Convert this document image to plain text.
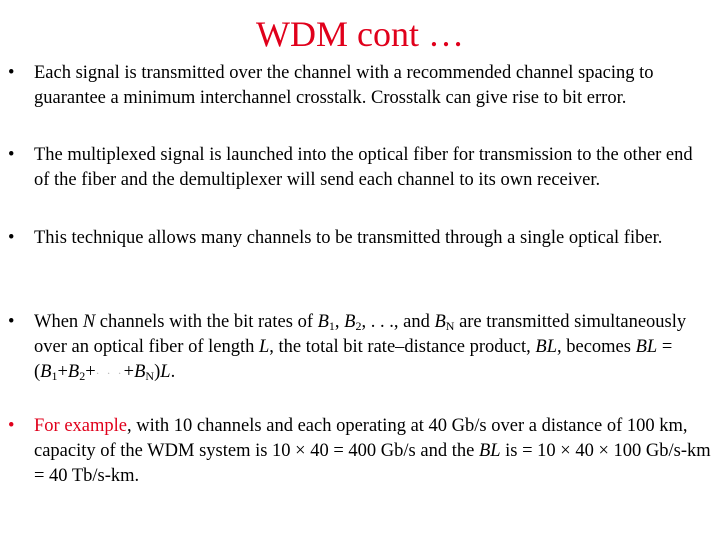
WDM cont …
•	Each signal is transmitted over the channel with a recommended channel spacing to guarantee a minimum interchannel crosstalk. Crosstalk can give rise to bit error.
•	The multiplexed signal is launched into the optical fiber for transmission to the other end of the fiber and the demultiplexer will send each channel to its own receiver.
•	This technique allows many channels to be transmitted through a single optical fiber.
•	When N channels with the bit rates of $B_1$, $B_2$, . . ., and $B_N$ are transmitted simultaneously over an optical fiber of length L, the total bit rate–distance product, BL, becomes BL = $(B_1+B_2+\cdot \cdot \cdot+B_N)L$.
•	For example, with 10 channels and each operating at 40 Gb/s over a distance of 100 km, capacity of the WDM system is 10 × 40 = 400 Gb/s and the BL is = 10 × 40 × 100 Gb/s-km = 40 Tb/s-km.
